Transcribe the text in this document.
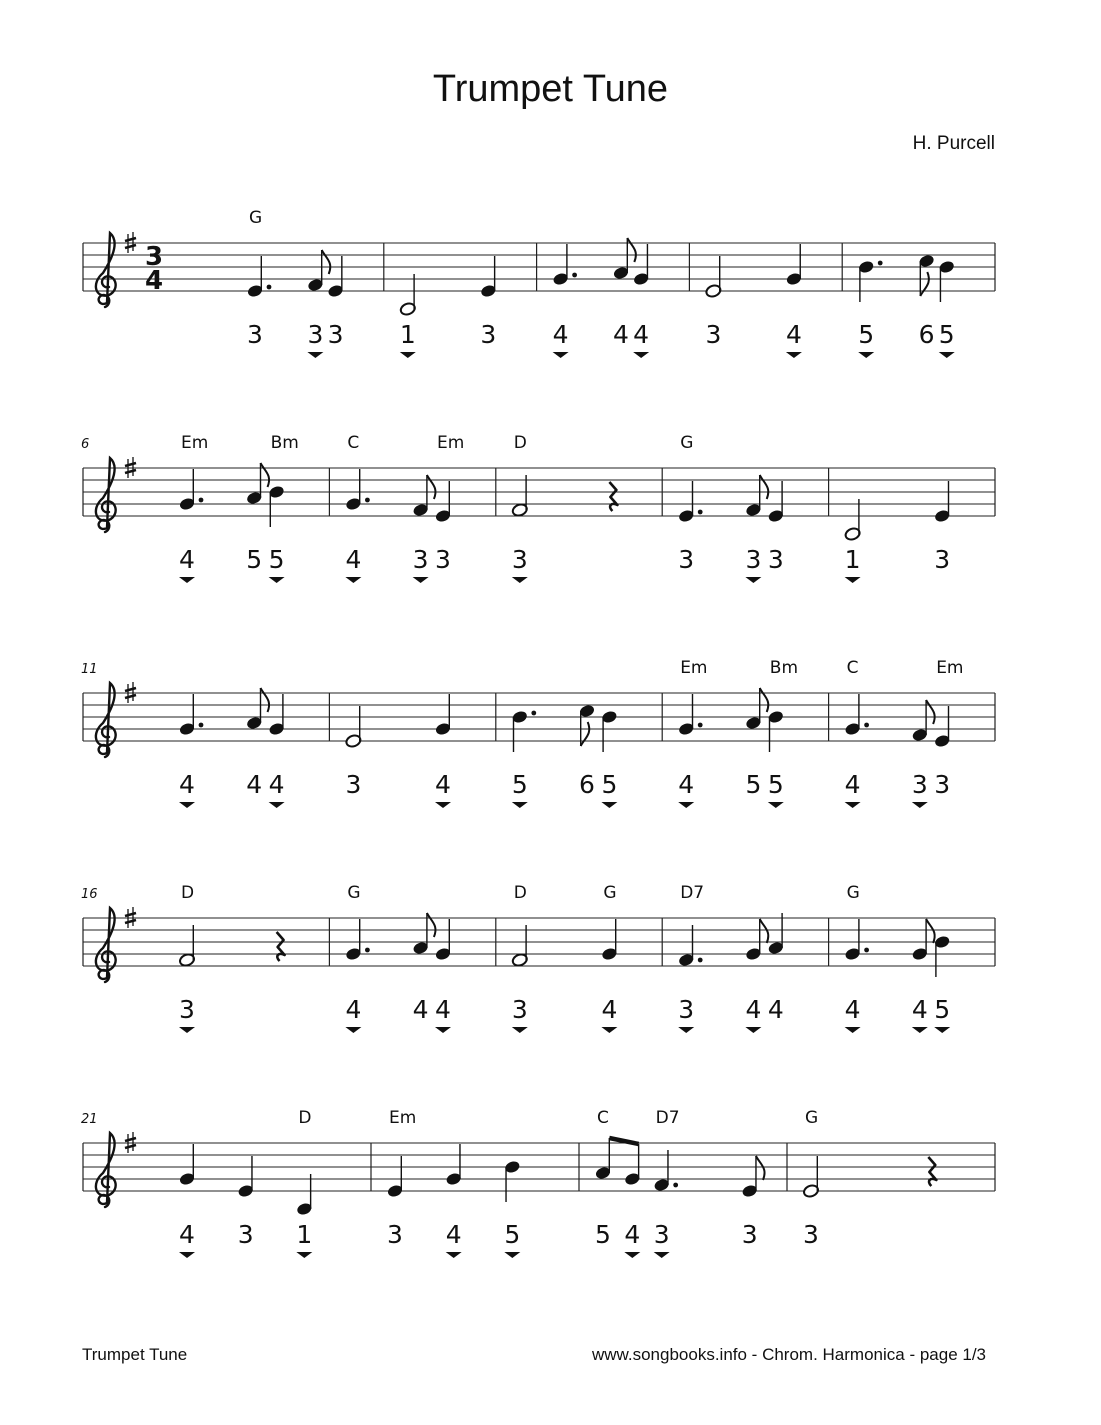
Trumpet Tune
H. Purcell
3
4
G
3 3 3 1	3 4 4 4 3	4 5 6 5
6	Em	Bm
4 5 5
C	Em
4 3 3
D
3
G
3 3 3 1	3
11
4 4 4 3	4 5 6 5
Em	Bm
4 5 5
C	Em
4 3 3
16	D
3
G
4 4 4
D	G
3	4
D7
3 4 4
G
4 4 5
21	D
4 3 1
Em
3 4 5
C	D7
5 4 3	3
G
3
Trumpet Tune	www.songbooks.info - Chrom. Harmonica - page 1/3
